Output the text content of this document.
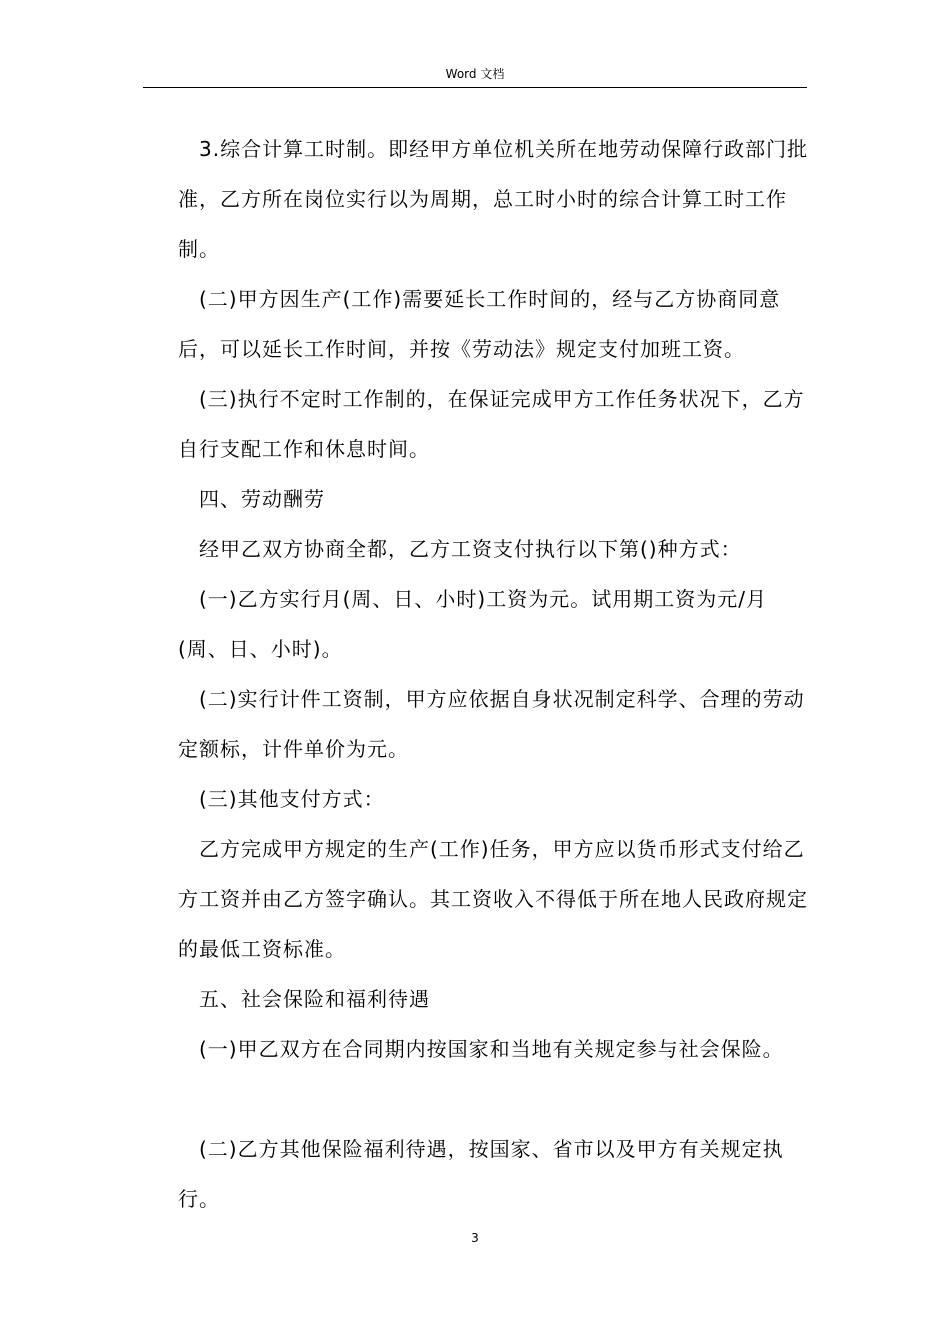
Word 文档

3.综合计算工时制。即经甲方单位机关所在地劳动保障行政部门批准，乙方所在岗位实行以为周期，总工时小时的综合计算工时工作制。

(二)甲方因生产(工作)需要延长工作时间的，经与乙方协商同意后，可以延长工作时间，并按《劳动法》规定支付加班工资。

(三)执行不定时工作制的，在保证完成甲方工作任务状况下，乙方自行支配工作和休息时间。

四、劳动酬劳

经甲乙双方协商全都，乙方工资支付执行以下第()种方式：

(一)乙方实行月(周、日、小时)工资为元。试用期工资为元/月(周、日、小时)。

(二)实行计件工资制，甲方应依据自身状况制定科学、合理的劳动定额标，计件单价为元。

(三)其他支付方式：

乙方完成甲方规定的生产(工作)任务，甲方应以货币形式支付给乙方工资并由乙方签字确认。其工资收入不得低于所在地人民政府规定的最低工资标准。

五、社会保险和福利待遇

(一)甲乙双方在合同期内按国家和当地有关规定参与社会保险。

(二)乙方其他保险福利待遇，按国家、省市以及甲方有关规定执行。

3
